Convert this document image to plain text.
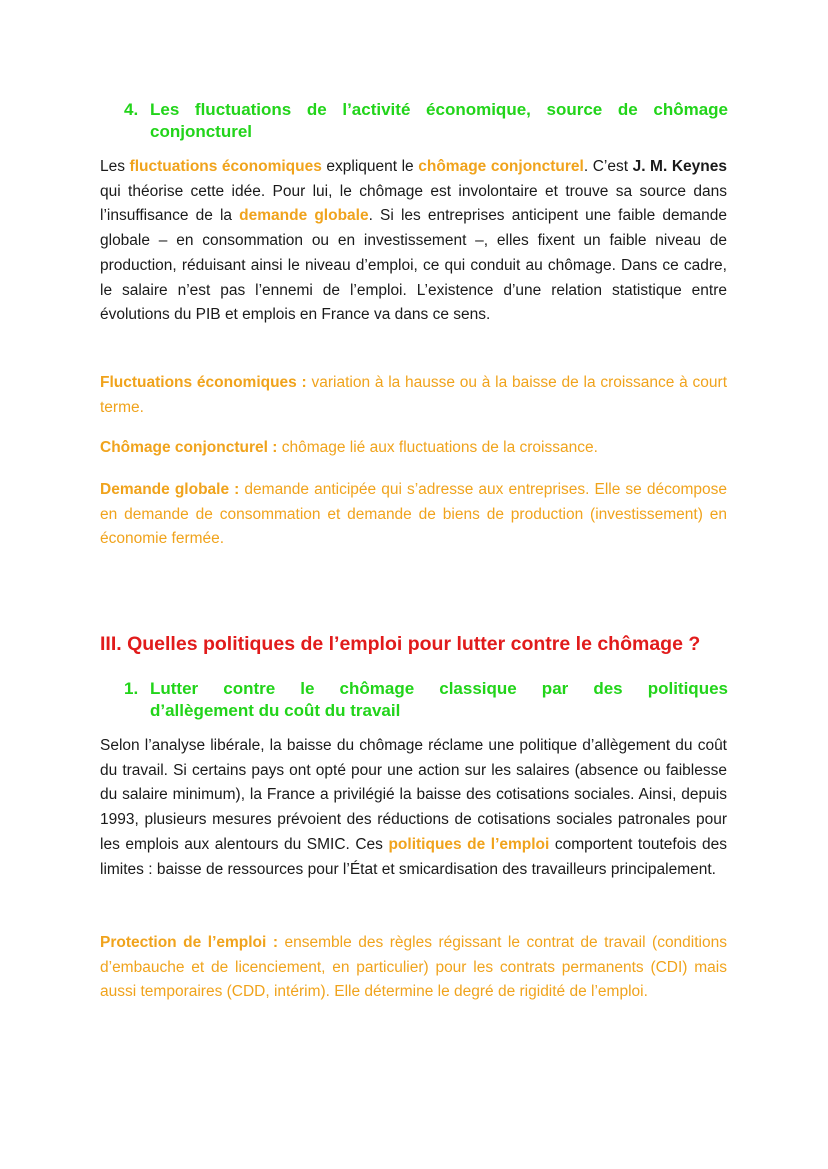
4. Les fluctuations de l’activité économique, source de chômage
conjoncturel
Les fluctuations économiques expliquent le chômage conjoncturel. C’est J. M. Keynes qui théorise cette idée. Pour lui, le chômage est involontaire et trouve sa source dans l’insuffisance de la demande globale. Si les entreprises anticipent une faible demande globale – en consommation ou en investissement –, elles fixent un faible niveau de production, réduisant ainsi le niveau d’emploi, ce qui conduit au chômage. Dans ce cadre, le salaire n’est pas l’ennemi de l’emploi. L’existence d’une relation statistique entre évolutions du PIB et emplois en France va dans ce sens.
Fluctuations économiques : variation à la hausse ou à la baisse de la croissance à court terme.
Chômage conjoncturel : chômage lié aux fluctuations de la croissance.
Demande globale : demande anticipée qui s’adresse aux entreprises. Elle se décompose en demande de consommation et demande de biens de production (investissement) en économie fermée.
III. Quelles politiques de l’emploi pour lutter contre le chômage ?
1. Lutter contre le chômage classique par des politiques
d’allègement du coût du travail
Selon l’analyse libérale, la baisse du chômage réclame une politique d’allègement du coût du travail. Si certains pays ont opté pour une action sur les salaires (absence ou faiblesse du salaire minimum), la France a privilégié la baisse des cotisations sociales. Ainsi, depuis 1993, plusieurs mesures prévoient des réductions de cotisations sociales patronales pour les emplois aux alentours du SMIC. Ces politiques de l’emploi comportent toutefois des limites : baisse de ressources pour l’État et smicardisation des travailleurs principalement.
Protection de l’emploi : ensemble des règles régissant le contrat de travail (conditions d’embauche et de licenciement, en particulier) pour les contrats permanents (CDI) mais aussi temporaires (CDD, intérim). Elle détermine le degré de rigidité de l’emploi.
